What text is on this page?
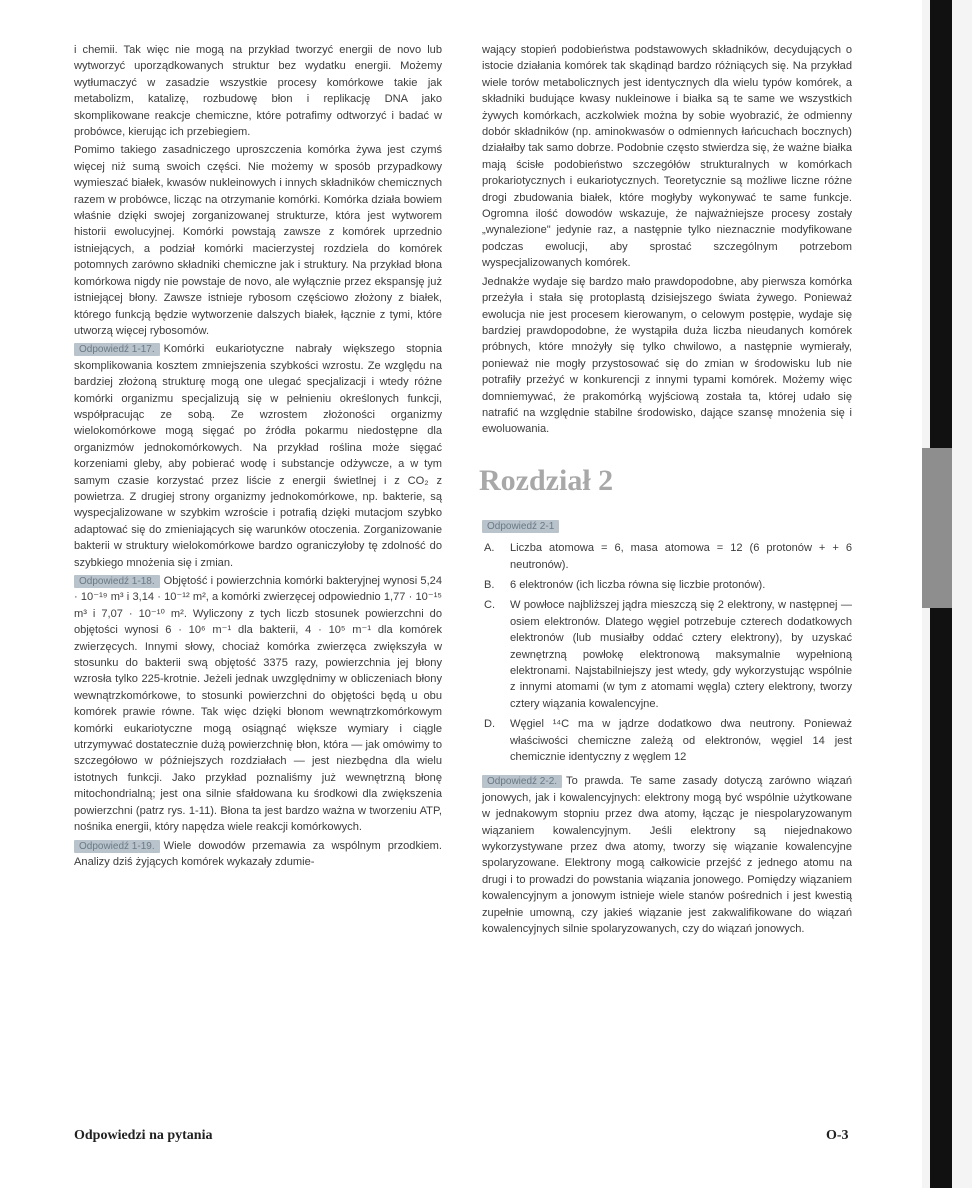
i chemii. Tak więc nie mogą na przykład tworzyć energii de novo lub wytworzyć uporządkowanych struktur bez wydatku energii. Możemy wytłumaczyć w zasadzie wszystkie procesy komórkowe takie jak metabolizm, katalizę, rozbudowę błon i replikację DNA jako skomplikowane reakcje chemiczne, które potrafimy odtworzyć i badać w probówce, kierując ich przebiegiem.

Pomimo takiego zasadniczego uproszczenia komórka żywa jest czymś więcej niż sumą swoich części. Nie możemy w sposób przypadkowy wymieszać białek, kwasów nukleinowych i innych składników chemicznych razem w probówce, licząc na otrzymanie komórki. Komórka działa bowiem właśnie dzięki swojej zorganizowanej strukturze, która jest wytworem historii ewolucyjnej. Komórki powstają zawsze z komórek uprzednio istniejących, a podział komórki macierzystej rozdziela do komórek potomnych zarówno składniki chemiczne jak i struktury. Na przykład błona komórkowa nigdy nie powstaje de novo, ale wyłącznie przez ekspansję już istniejącej błony. Zawsze istnieje rybosom częściowo złożony z białek, którego funkcją będzie wytworzenie dalszych białek, łącznie z tymi, które utworzą więcej rybosomów.

Odpowiedź 1-17. Komórki eukariotyczne nabrały większego stopnia skomplikowania kosztem zmniejszenia szybkości wzrostu. Ze względu na bardziej złożoną strukturę mogą one ulegać specjalizacji i wtedy różne komórki organizmu specjalizują się w pełnieniu określonych funkcji, współpracując ze sobą. Ze wzrostem złożoności organizmy wielokomórkowe mogą sięgać po źródła pokarmu niedostępne dla organizmów jednokomórkowych. Na przykład roślina może sięgać korzeniami gleby, aby pobierać wodę i substancje odżywcze, a w tym samym czasie korzystać przez liście z energii świetlnej i z CO₂ z powietrza. Z drugiej strony organizmy jednokomórkowe, np. bakterie, są wyspecjalizowane w szybkim wzroście i potrafią dzięki mutacjom szybko adaptować się do zmieniających się warunków otoczenia. Zorganizowanie bakterii w struktury wielokomórkowe bardzo ograniczyłoby tę zdolność do szybkiego mnożenia się i zmian.

Odpowiedź 1-18. Objętość i powierzchnia komórki bakteryjnej wynosi 5,24 · 10⁻¹⁹ m³ i 3,14 · 10⁻¹² m², a komórki zwierzęcej odpowiednio 1,77 · 10⁻¹⁵ m³ i 7,07 · 10⁻¹⁰ m². Wyliczony z tych liczb stosunek powierzchni do objętości wynosi 6 · 10⁶ m⁻¹ dla bakterii, 4 · 10⁵ m⁻¹ dla komórek zwierzęcych. Innymi słowy, chociaż komórka zwierzęca zwiększyła w stosunku do bakterii swą objętość 3375 razy, powierzchnia jej błony wzrosła tylko 225-krotnie. Jeżeli jednak uwzględnimy w obliczeniach błony wewnątrzkomórkowe, to stosunki powierzchni do objętości będą u obu komórek prawie równe. Tak więc dzięki błonom wewnątrzkomórkowym komórki eukariotyczne mogą osiągnąć większe wymiary i ciągle utrzymywać dostatecznie dużą powierzchnię błon, która — jak omówimy to szczegółowo w późniejszych rozdziałach — jest niezbędna dla wielu istotnych funkcji. Jako przykład poznaliśmy już wewnętrzną błonę mitochondrialną; jest ona silnie sfałdowana ku środkowi dla zwiększenia powierzchni (patrz rys. 1-11). Błona ta jest bardzo ważna w tworzeniu ATP, nośnika energii, który napędza wiele reakcji komórkowych.

Odpowiedź 1-19. Wiele dowodów przemawia za wspólnym przodkiem. Analizy dziś żyjących komórek wykazały zdumie-

wający stopień podobieństwa podstawowych składników, decydujących o istocie działania komórek tak skądinąd bardzo różniących się. Na przykład wiele torów metabolicznych jest identycznych dla wielu typów komórek, a składniki budujące kwasy nukleinowe i białka są te same we wszystkich żywych komórkach, aczkolwiek można by sobie wyobrazić, że odmienny dobór składników (np. aminokwasów o odmiennych łańcuchach bocznych) działałby tak samo dobrze. Podobnie często stwierdza się, że ważne białka mają ścisłe podobieństwo szczegółów strukturalnych w komórkach prokariotycznych i eukariotycznych. Teoretycznie są możliwe liczne różne drogi zbudowania białek, które mogłyby wykonywać te same funkcje. Ogromna ilość dowodów wskazuje, że najważniejsze procesy zostały „wynalezione" jedynie raz, a następnie tylko nieznacznie modyfikowane podczas ewolucji, aby sprostać szczególnym potrzebom wyspecjalizowanych komórek.

Jednakże wydaje się bardzo mało prawdopodobne, aby pierwsza komórka przeżyła i stała się protoplastą dzisiejszego świata żywego. Ponieważ ewolucja nie jest procesem kierowanym, o celowym postępie, wydaje się bardziej prawdopodobne, że wystąpiła duża liczba nieudanych komórek próbnych, które mnożyły się tylko chwilowo, a następnie wymierały, ponieważ nie mogły przystosować się do zmian w środowisku lub nie potrafiły przeżyć w konkurencji z innymi typami komórek. Możemy więc domniemywać, że prakomórką wyjściową została ta, której udało się natrafić na względnie stabilne środowisko, dające szansę mnożenia się i ewoluowania.

Rozdział 2
Odpowiedź 2-1
A. Liczba atomowa = 6, masa atomowa = 12 (6 protonów + + 6 neutronów).
B. 6 elektronów (ich liczba równa się liczbie protonów).
C. W powłoce najbliższej jądra mieszczą się 2 elektrony, w następnej — osiem elektronów. Dlatego węgiel potrzebuje czterech dodatkowych elektronów (lub musiałby oddać cztery elektrony), by uzyskać zewnętrzną powłokę elektronową maksymalnie wypełnioną elektronami. Najstabilniejszy jest wtedy, gdy wykorzystując wspólnie z innymi atomami (w tym z atomami węgla) cztery elektrony, tworzy cztery wiązania kowalencyjne.
D. Węgiel ¹⁴C ma w jądrze dodatkowo dwa neutrony. Ponieważ właściwości chemiczne zależą od elektronów, węgiel 14 jest chemicznie identyczny z węglem 12

Odpowiedź 2-2. To prawda. Te same zasady dotyczą zarówno wiązań jonowych, jak i kowalencyjnych: elektrony mogą być wspólnie użytkowane w jednakowym stopniu przez dwa atomy, łącząc je niespolaryzowanym wiązaniem kowalencyjnym. Jeśli elektrony są niejednakowo wykorzystywane przez dwa atomy, tworzy się wiązanie kowalencyjne spolaryzowane. Elektrony mogą całkowicie przejść z jednego atomu na drugi i to prowadzi do powstania wiązania jonowego. Pomiędzy wiązaniem kowalencyjnym a jonowym istnieje wiele stanów pośrednich i jest kwestią zupełnie umowną, czy jakieś wiązanie jest zakwalifikowane do wiązań kowalencyjnych silnie spolaryzowanych, czy do wiązań jonowych.

Odpowiedzi na pytania	O-3
